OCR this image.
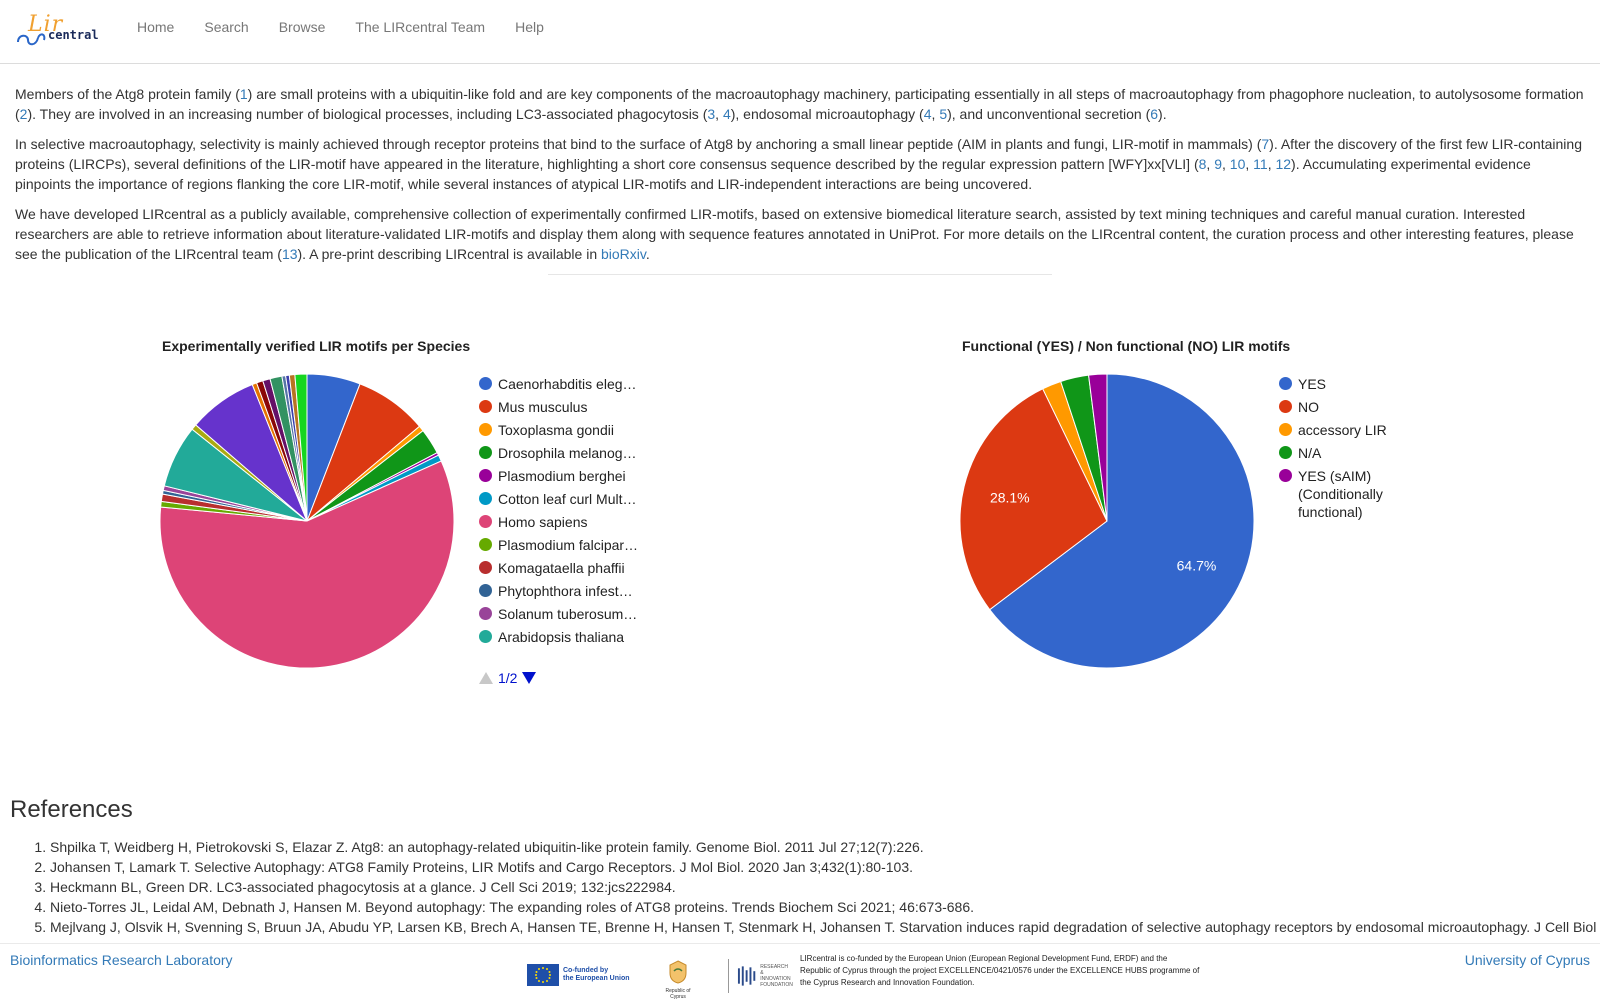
Lir
central	Home	Search	Browse	The LIRcentral Team	Help

Members of the Atg8 protein family (1) are small proteins with a ubiquitin-like fold and are key components of the macroautophagy machinery, participating essentially in all steps of macroautophagy from phagophore nucleation, to autolysosome formation (2). They are involved in an increasing number of biological processes, including LC3-associated phagocytosis (3, 4), endosomal microautophagy (4, 5), and unconventional secretion (6).

In selective macroautophagy, selectivity is mainly achieved through receptor proteins that bind to the surface of Atg8 by anchoring a small linear peptide (AIM in plants and fungi, LIR-motif in mammals) (7). After the discovery of the first few LIR-containing proteins (LIRCPs), several definitions of the LIR-motif have appeared in the literature, highlighting a short core consensus sequence described by the regular expression pattern [WFY]xx[VLI] (8, 9, 10, 11, 12). Accumulating experimental evidence pinpoints the importance of regions flanking the core LIR-motif, while several instances of atypical LIR-motifs and LIR-independent interactions are being uncovered.

We have developed LIRcentral as a publicly available, comprehensive collection of experimentally confirmed LIR-motifs, based on extensive biomedical literature search, assisted by text mining techniques and careful manual curation. Interested researchers are able to retrieve information about literature-validated LIR-motifs and display them along with sequence features annotated in UniProt. For more details on the LIRcentral content, the curation process and other interesting features, please see the publication of the LIRcentral team (13). A pre-print describing LIRcentral is available in bioRxiv.

Experimentally verified LIR motifs per Species
Caenorhabditis eleg…
Mus musculus
Toxoplasma gondii
Drosophila melanog…
Plasmodium berghei
Cotton leaf curl Mult…
Homo sapiens
Plasmodium falcipar…
Komagataella phaffii
Phytophthora infest…
Solanum tuberosum…
Arabidopsis thaliana
1/2
Functional (YES) / Non functional (NO) LIR motifs
64.7%
28.1%
YES
NO
accessory LIR
N/A
YES (sAIM)
(Conditionally
functional)
References
1. Shpilka T, Weidberg H, Pietrokovski S, Elazar Z. Atg8: an autophagy-related ubiquitin-like protein family. Genome Biol. 2011 Jul 27;12(7):226.
2. Johansen T, Lamark T. Selective Autophagy: ATG8 Family Proteins, LIR Motifs and Cargo Receptors. J Mol Biol. 2020 Jan 3;432(1):80-103.
3. Heckmann BL, Green DR. LC3-associated phagocytosis at a glance. J Cell Sci 2019; 132:jcs222984.
4. Nieto-Torres JL, Leidal AM, Debnath J, Hansen M. Beyond autophagy: The expanding roles of ATG8 proteins. Trends Biochem Sci 2021; 46:673-686.
5. Mejlvang J, Olsvik H, Svenning S, Bruun JA, Abudu YP, Larsen KB, Brech A, Hansen TE, Brenne H, Hansen T, Stenmark H, Johansen T. Starvation induces rapid degradation of selective autophagy receptors by endosomal microautophagy. J Cell Biol
Bioinformatics Research Laboratory
Co-funded by
the European Union
Republic of Cyprus
RESEARCH
& INNOVATION
FOUNDATION
LIRcentral is co-funded by the European Union (European Regional Development Fund, ERDF) and the Republic of Cyprus through the project EXCELLENCE/0421/0576 under the EXCELLENCE HUBS programme of the Cyprus Research and Innovation Foundation.
University of Cyprus
